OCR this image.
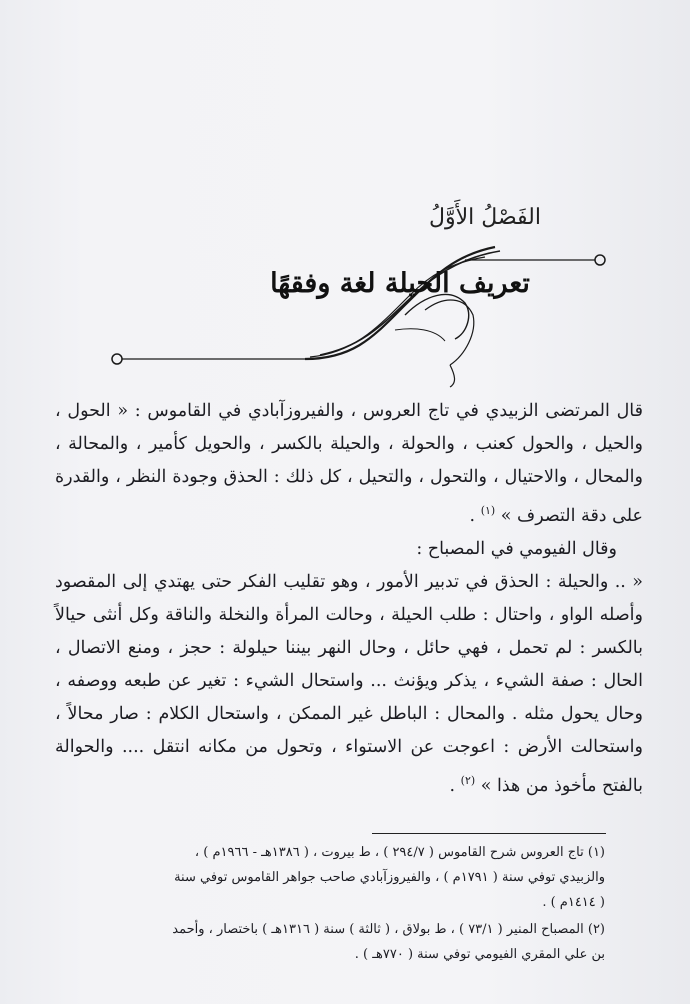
الفَصْلُ الأَوَّلُ
تعريف الحيلة لغة وفقهًا

قال المرتضى الزبيدي في تاج العروس ، والفيروزآبادي في القاموس : « الحول ، والحيل ، والحول كعنب ، والحولة ، والحيلة بالكسر ، والحويل كأمير ، والمحالة ، والمحال ، والاحتيال ، والتحول ، والتحيل ، كل ذلك : الحذق وجودة النظر ، والقدرة على دقة التصرف » $^{(١)}$ .

وقال الفيومي في المصباح :

« .. والحيلة : الحذق في تدبير الأمور ، وهو تقليب الفكر حتى يهتدي إلى المقصود وأصله الواو ، واحتال : طلب الحيلة ، وحالت المرأة والنخلة والناقة وكل أنثى حيالاً بالكسر : لم تحمل ، فهي حائل ، وحال النهر بيننا حيلولة : حجز ، ومنع الاتصال ، الحال : صفة الشيء ، يذكر ويؤنث ... واستحال الشيء : تغير عن طبعه ووصفه ، وحال يحول مثله . والمحال : الباطل غير الممكن ، واستحال الكلام : صار محالاً ، واستحالت الأرض : اعوجت عن الاستواء ، وتحول من مكانه انتقل .... والحوالة بالفتح مأخوذ من هذا » $^{(٢)}$ .

(١) تاج العروس شرح القاموس ( ٢٩٤/٧ ) ، ط بيروت ، ( ١٣٨٦هـ - ١٩٦٦م ) ، والزبيدي توفي سنة ( ١٧٩١م ) ، والفيروزآبادي صاحب جواهر القاموس توفي سنة ( ١٤١٤م ) .

(٢) المصباح المنير ( ٧٣/١ ) ، ط بولاق ، ( ثالثة ) سنة ( ١٣١٦هـ ) باختصار ، وأحمد بن علي المقري الفيومي توفي سنة ( ٧٧٠هـ ) .
